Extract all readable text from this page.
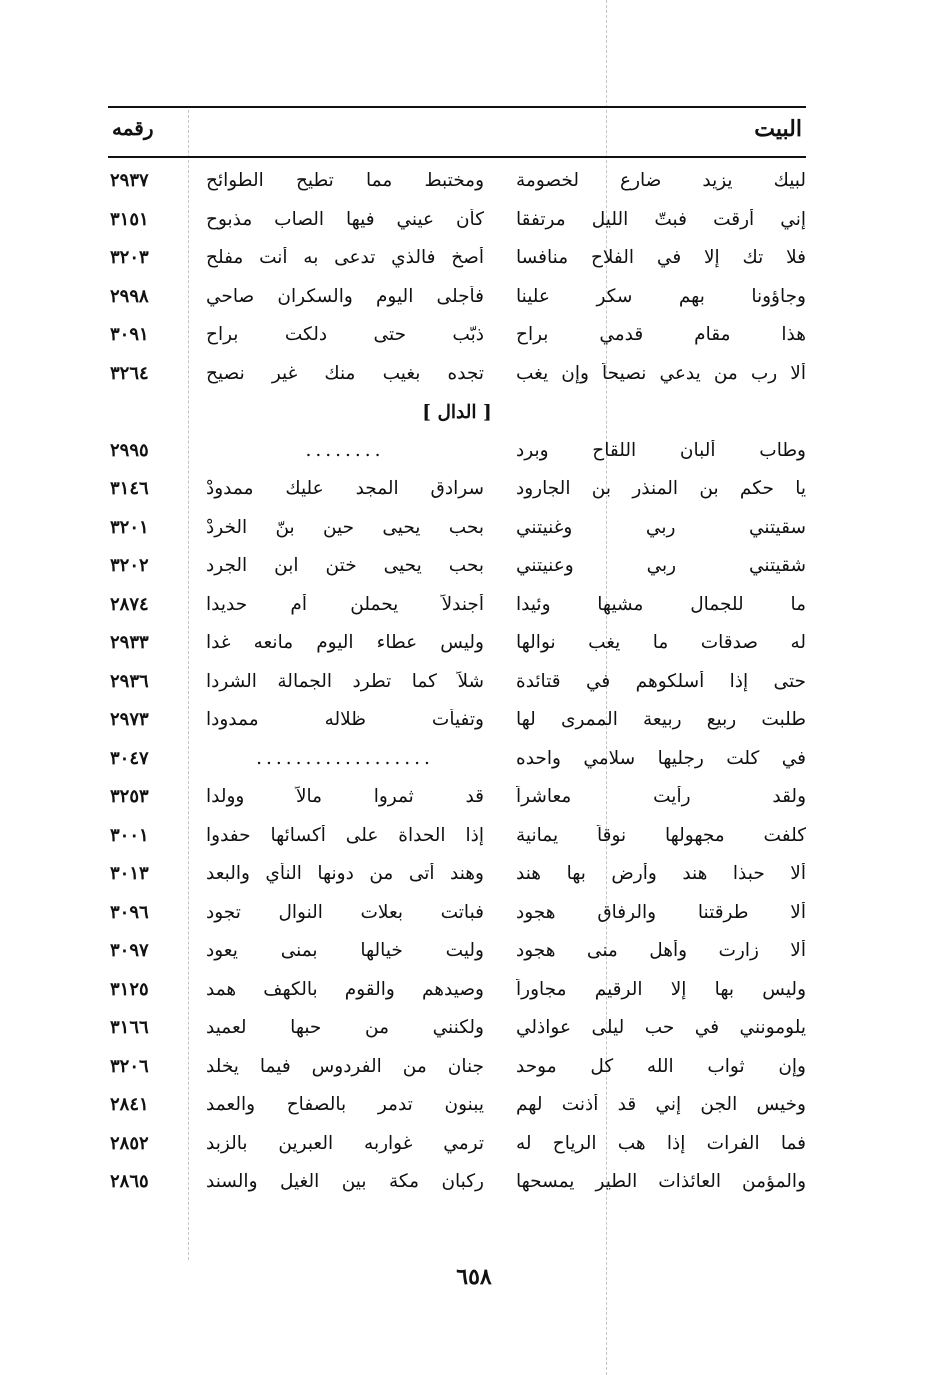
البيت
رقمه
لبيك يزيد ضارع لخصومة
ومختبط مما تطيح الطوائح
٢٩٣٧
إني أرقت فبتّ الليل مرتفقا
كأن عيني فيها الصاب مذبوح
٣١٥١
فلا تك إلا في الفلاح منافسا
أصخ فالذي تدعى به أنت مفلح
٣٢٠٣
وجاؤونا بهم سكر علينا
فأجلى اليوم والسكران صاحي
٢٩٩٨
هذا مقام قدمي براح
ذبّب حتى دلكت براح
٣٠٩١
ألا رب من يدعي نصيحاً وإن يغب
تجده بغيب منك غير نصيح
٣٢٦٤
[ الدال ]
وطاب ألبان اللقاح وبرد
........
٢٩٩٥
يا حكم بن المنذر بن الجارود
سرادق المجد عليك ممدودْ
٣١٤٦
سقيتني ربي وغنيتني
بحب يحيى حين بنّ الخردْ
٣٢٠١
شقيتني ربي وعنيتني
بحب يحيى ختن ابن الجرد
٣٢٠٢
ما للجمال مشيها وئيدا
أجندلاً يحملن أم حديدا
٢٨٧٤
له صدقات ما يغب نوالها
وليس عطاء اليوم مانعه غدا
٢٩٣٣
حتى إذا أسلكوهم في قتائدة
شلاً كما تطرد الجمالة الشردا
٢٩٣٦
طلبت ربيع ربيعة الممرى لها
وتفيأت ظلاله ممدودا
٢٩٧٣
في كلت رجليها سلامي واحده
..................
٣٠٤٧
ولقد رأيت معاشراً
قد ثمروا مالاً وولدا
٣٢٥٣
كلفت مجهولها نوقاً يمانية
إذا الحداة على أكسائها حفدوا
٣٠٠١
ألا حبذا هند وأرض بها هند
وهند أتى من دونها النأي والبعد
٣٠١٣
ألا طرقتنا والرفاق هجود
فباتت بعلات النوال تجود
٣٠٩٦
ألا زارت وأهل منى هجود
وليت خيالها بمنى يعود
٣٠٩٧
وليس بها إلا الرقيم مجاوراً
وصيدهم والقوم بالكهف همد
٣١٢٥
يلومونني في حب ليلى عواذلي
ولكنني من حبها لعميد
٣١٦٦
وإن ثواب الله كل موحد
جنان من الفردوس فيما يخلد
٣٢٠٦
وخيس الجن إني قد أذنت لهم
يبنون تدمر بالصفاح والعمد
٢٨٤١
فما الفرات إذا هب الرياح له
ترمي غواربه العبرين بالزبد
٢٨٥٢
والمؤمن العائذات الطير يمسحها
ركبان مكة بين الغيل والسند
٢٨٦٥
٦٥٨
